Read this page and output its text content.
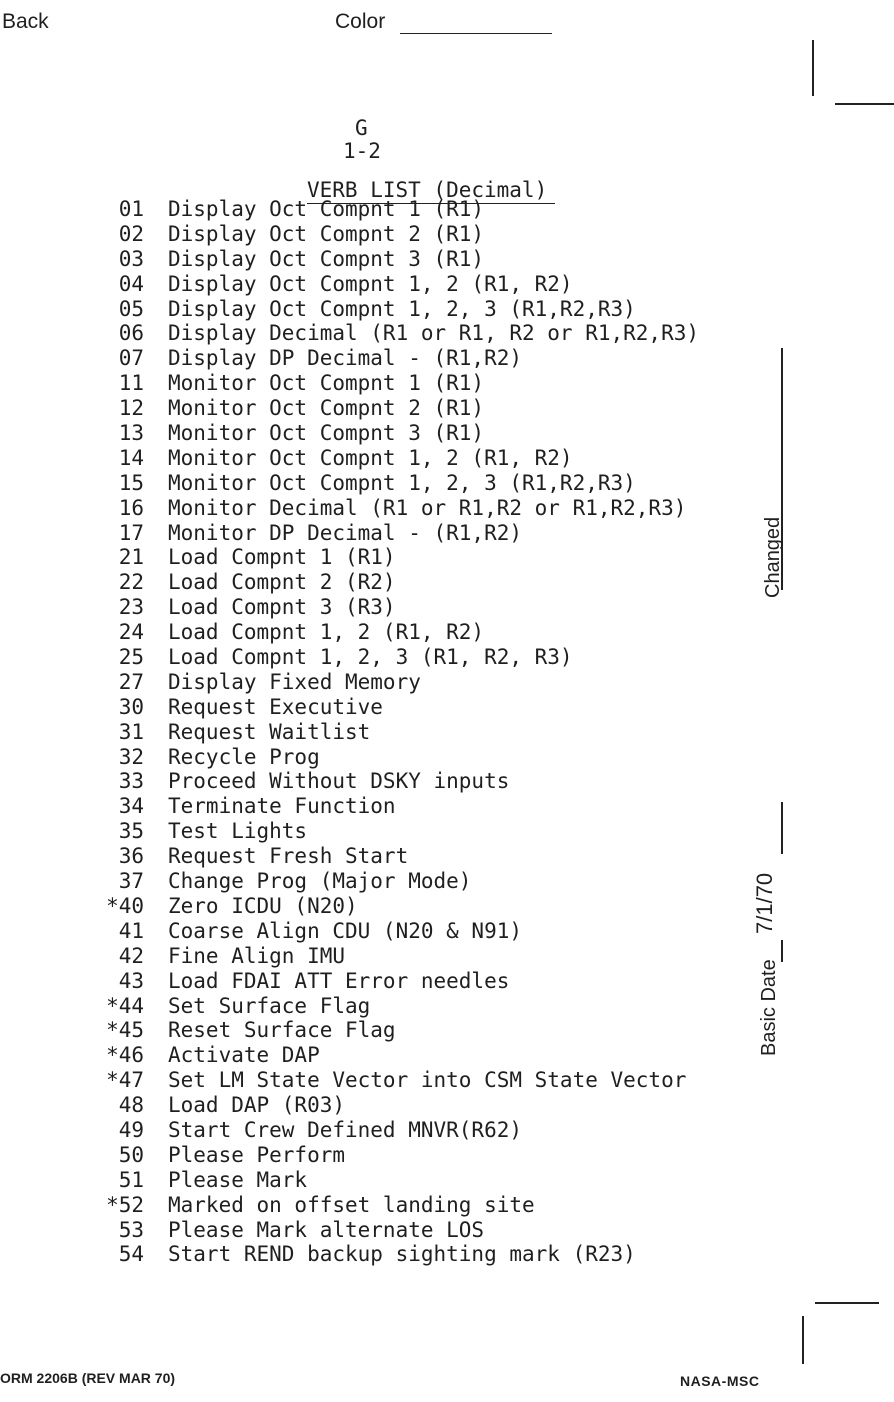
Back	Color
G
1-2
VERB LIST (Decimal)
01 Display Oct Compnt 1 (R1)
02 Display Oct Compnt 2 (R1)
03 Display Oct Compnt 3 (R1)
04 Display Oct Compnt 1, 2 (R1, R2)
05 Display Oct Compnt 1, 2, 3 (R1,R2,R3)
06 Display Decimal (R1 or R1, R2 or R1,R2,R3)
07 Display DP Decimal - (R1,R2)
11 Monitor Oct Compnt 1 (R1)
12 Monitor Oct Compnt 2 (R1)
13 Monitor Oct Compnt 3 (R1)
14 Monitor Oct Compnt 1, 2 (R1, R2)
15 Monitor Oct Compnt 1, 2, 3 (R1,R2,R3)
16 Monitor Decimal (R1 or R1,R2 or R1,R2,R3)
17 Monitor DP Decimal - (R1,R2)
21 Load Compnt 1 (R1)
22 Load Compnt 2 (R2)
23 Load Compnt 3 (R3)
24 Load Compnt 1, 2 (R1, R2)
25 Load Compnt 1, 2, 3 (R1, R2, R3)
27 Display Fixed Memory
30 Request Executive
31 Request Waitlist
32 Recycle Prog
33 Proceed Without DSKY inputs
34 Terminate Function
35 Test Lights
36 Request Fresh Start
37 Change Prog (Major Mode)
*40 Zero ICDU (N20)
41 Coarse Align CDU (N20 & N91)
42 Fine Align IMU
43 Load FDAI ATT Error needles
*44 Set Surface Flag
*45 Reset Surface Flag
*46 Activate DAP
*47 Set LM State Vector into CSM State Vector
48 Load DAP (R03)
49 Start Crew Defined MNVR(R62)
50 Please Perform
51 Please Mark
*52 Marked on offset landing site
53 Please Mark alternate LOS
54 Start REND backup sighting mark (R23)
Changed
7/1/70
Basic Date
ORM 2206B (REV MAR 70)	NASA-MSC
